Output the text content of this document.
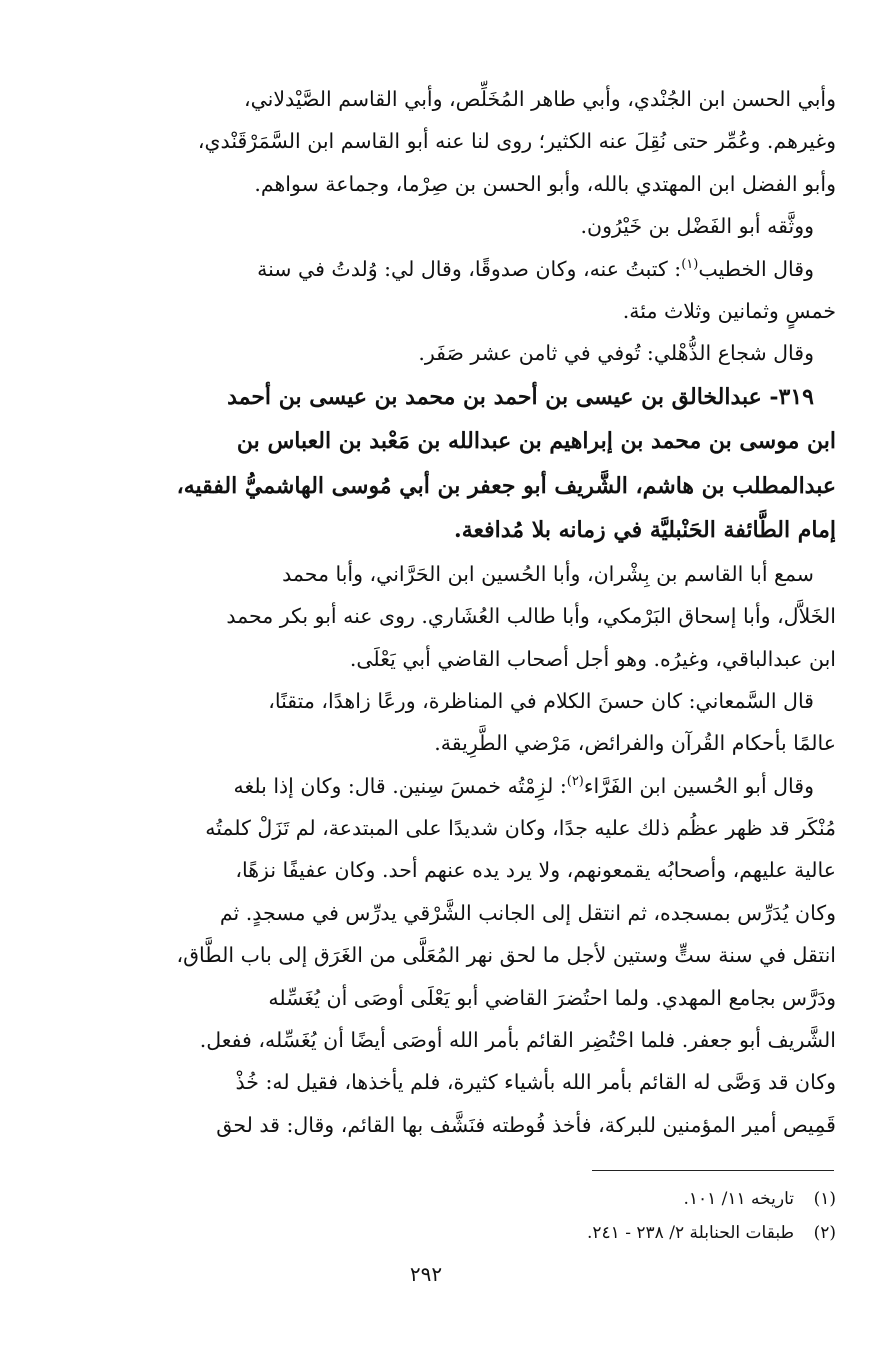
وأبي الحسن ابن الجُنْدي، وأبي طاهر المُخَلِّص، وأبي القاسم الصَّيْدلاني،
وغيرهم. وعُمِّر حتى نُقِلَ عنه الكثير؛ روى لنا عنه أبو القاسم ابن السَّمَرْقَنْدي،
وأبو الفضل ابن المهتدي بالله، وأبو الحسن بن صِرْما، وجماعة سواهم.
ووثَّقه أبو الفَضْل بن خَيْرُون.
وقال الخطيب$^{(١)}$: كتبتُ عنه، وكان صدوقًا، وقال لي: وُلدتُ في سنة
خمسٍ وثمانين وثلاث مئة.
وقال شجاع الذُّهْلي: تُوفي في ثامن عشر صَفَر.
٣١٩- عبدالخالق بن عيسى بن أحمد بن محمد بن عيسى بن أحمد
ابن موسى بن محمد بن إبراهيم بن عبدالله بن مَعْبد بن العباس بن
عبدالمطلب بن هاشم، الشَّريف أبو جعفر بن أبي مُوسى الهاشميُّ الفقيه،
إمام الطَّائفة الحَنْبليَّة في زمانه بلا مُدافعة.
سمع أبا القاسم بن بِشْران، وأبا الحُسين ابن الحَرَّاني، وأبا محمد
الخَلاَّل، وأبا إسحاق البَرْمكي، وأبا طالب العُشَاري. روى عنه أبو بكر محمد
ابن عبدالباقي، وغيرُه. وهو أجل أصحاب القاضي أبي يَعْلَى.
قال السَّمعاني: كان حسنَ الكلام في المناظرة، ورعًا زاهدًا، متقنًا،
عالمًا بأحكام القُرآن والفرائض، مَرْضي الطَّرِيقة.
وقال أبو الحُسين ابن الفَرَّاء$^{(٢)}$: لزِمْتُه خمسَ سِنين. قال: وكان إذا بلغه
مُنْكَر قد ظهر عظُم ذلك عليه جدًا، وكان شديدًا على المبتدعة، لم تَزَلْ كلمتُه
عالية عليهم، وأصحابُه يقمعونهم، ولا يرد يده عنهم أحد. وكان عفيفًا نزهًا،
وكان يُدَرِّس بمسجده، ثم انتقل إلى الجانب الشَّرْقي يدرِّس في مسجدٍ. ثم
انتقل في سنة ستٍّ وستين لأجل ما لحق نهر المُعَلَّى من الغَرَق إلى باب الطَّاق،
ودَرَّس بجامع المهدي. ولما احتُضرَ القاضي أبو يَعْلَى أوصَى أن يُغَسِّله
الشَّريف أبو جعفر. فلما احْتُضِر القائم بأمر الله أوصَى أيضًا أن يُغَسِّله، ففعل.
وكان قد وَصَّى له القائم بأمر الله بأشياء كثيرة، فلم يأخذها، فقيل له: خُذْ
قَمِيص أمير المؤمنين للبركة، فأخذ فُوطته فنَشَّف بها القائم، وقال: قد لحق
(١)تاريخه ١١/ ١٠١.
(٢)طبقات الحنابلة ٢/ ٢٣٨ - ٢٤١.
٢٩٢
